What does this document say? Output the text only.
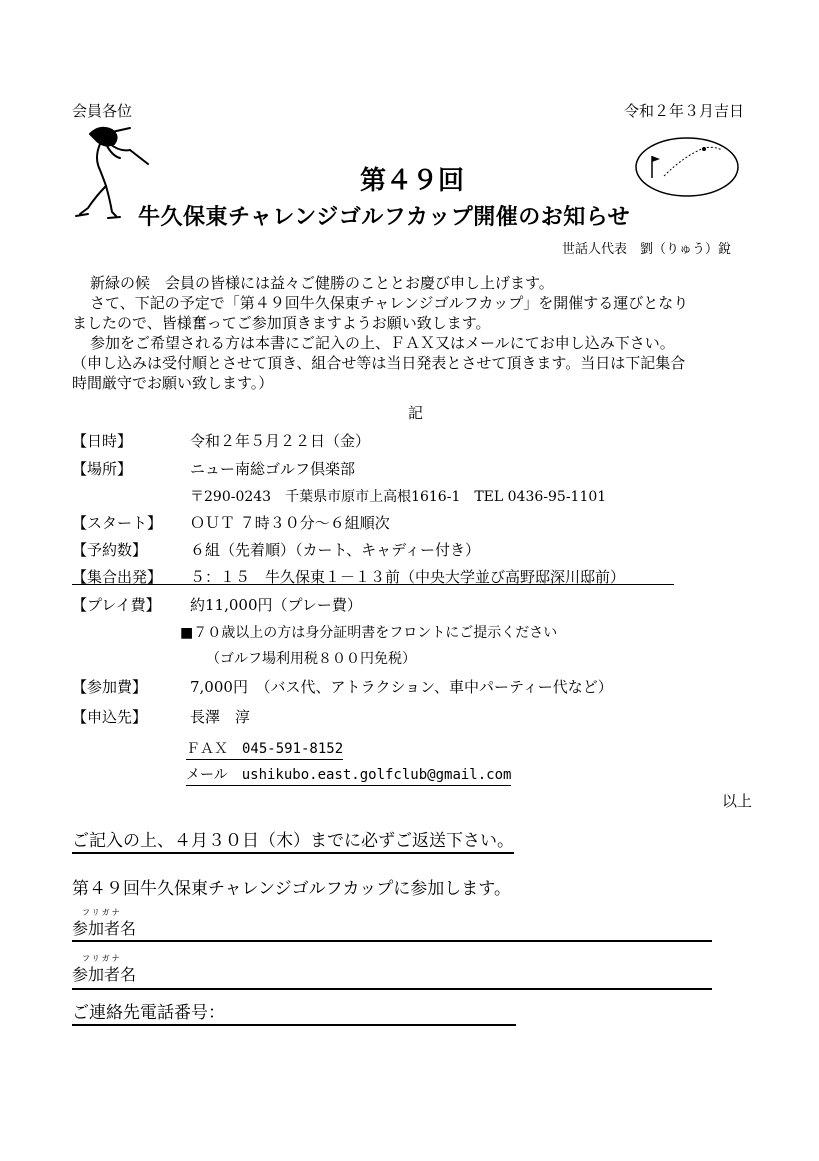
会員各位	令和２年３月吉日
第４９回
牛久保東チャレンジゴルフカップ開催のお知らせ
世話人代表　劉（りゅう）銳
新緑の候　会員の皆様には益々ご健勝のこととお慶び申し上げます。
さて、下記の予定で「第４９回牛久保東チャレンジゴルフカップ」を開催する運びとなり
ましたので、皆様奮ってご参加頂きますようお願い致します。
参加をご希望される方は本書にご記入の上、ＦＡＸ又はメールにてお申し込み下さい。
（申し込みは受付順とさせて頂き、組合せ等は当日発表とさせて頂きます。当日は下記集合
時間厳守でお願い致します。）
記
【日時】	令和２年５月２２日（金）
【場所】	ニュー南総ゴルフ倶楽部
〒290-0243　千葉県市原市上高根1616-1　TEL 0436-95-1101
【スタート】 ＯＵＴ ７時３０分～６組順次
【予約数】	６組（先着順）（カート、キャディー付き）
【集合出発】 ５：１５　牛久保東１－１３前（中央大学並び高野邸深川邸前）
【プレイ費】 約11,000円（プレー費）
■７０歳以上の方は身分証明書をフロントにご提示ください
（ゴルフ場利用税８００円免税）
【参加費】	7,000円　（バス代、アトラクション、車中パーティー代など）
【申込先】	長澤　淳
ＦＡＸ　045-591-8152
メール　ushikubo.east.golfclub@gmail.com
以上
ご記入の上、４月３０日（木）までに必ずご返送下さい。
第４９回牛久保東チャレンジゴルフカップに参加します。
フリガナ
参加者名
フリガナ
参加者名
ご連絡先電話番号：
